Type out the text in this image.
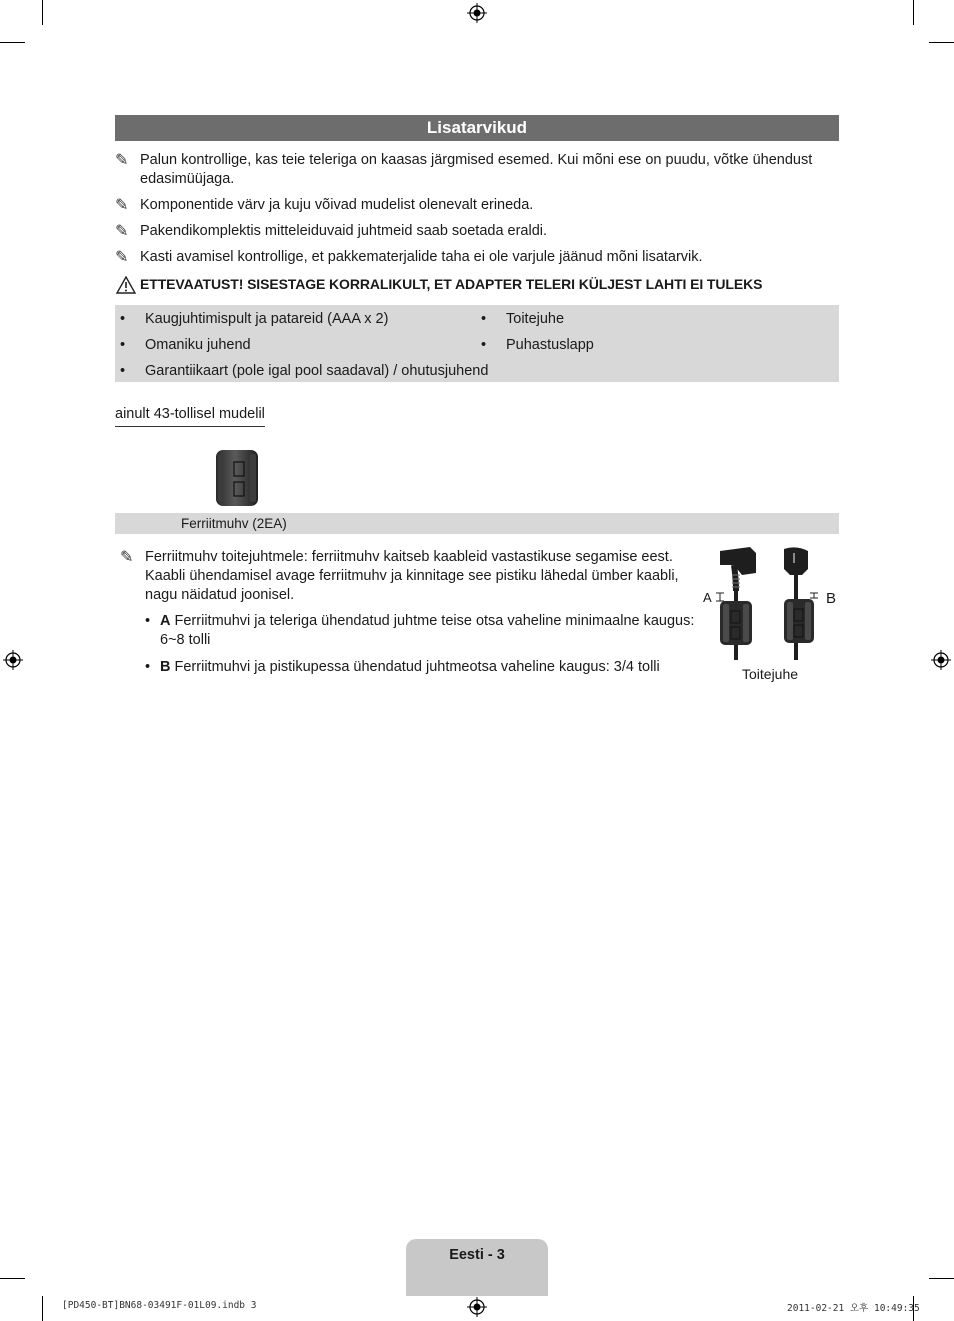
Lisatarvikud
✎ Palun kontrollige, kas teie teleriga on kaasas järgmised esemed. Kui mõni ese on puudu, võtke ühendust edasimüüjaga.
✎ Komponentide värv ja kuju võivad mudelist olenevalt erineda.
✎ Pakendikomplektis mitteleiduvaid juhtmeid saab soetada eraldi.
✎ Kasti avamisel kontrollige, et pakkematerjalide taha ei ole varjule jäänud mõni lisatarvik.
ETTEVAATUST! SISESTAGE KORRALIKULT, ET ADAPTER TELERI KÜLJEST LAHTI EI TULEKS
• Kaugjuhtimispult ja patareid (AAA x 2)
• Omaniku juhend
• Garantiikaart (pole igal pool saadaval) / ohutusjuhend
• Toitejuhe
• Puhastuslapp
ainult 43-tollisel mudelil
Ferriitmuhv (2EA)
✎ Ferriitmuhv toitejuhtmele: ferriitmuhv kaitseb kaableid vastastikuse segamise eest. Kaabli ühendamisel avage ferriitmuhv ja kinnitage see pistiku lähedal ümber kaabli, nagu näidatud joonisel.
• A Ferriitmuhvi ja teleriga ühendatud juhtme teise otsa vaheline minimaalne kaugus: 6~8 tolli
• B Ferriitmuhvi ja pistikupessa ühendatud juhtmeotsa vaheline kaugus: 3/4 tolli
A	B
Toitejuhe
Eesti - 3
[PD450-BT]BN68-03491F-01L09.indb 3	2011-02-21 오후 10:49:35
